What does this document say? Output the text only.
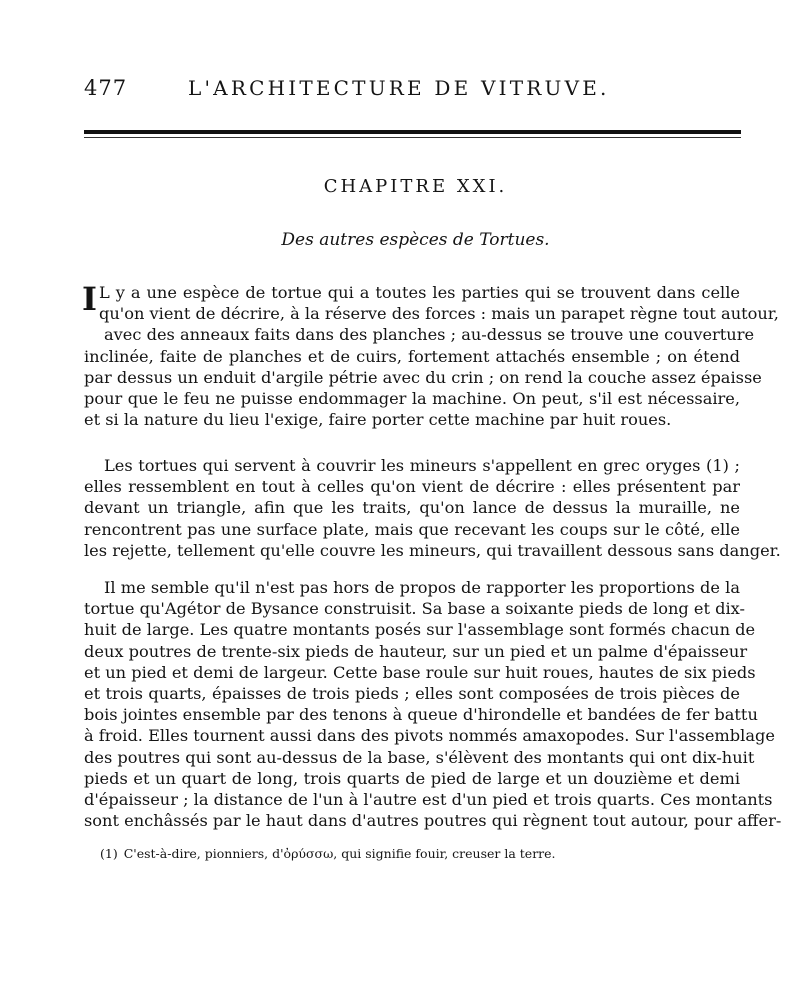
477	L'ARCHITECTURE DE VITRUVE.
CHAPITRE XXI.
Des autres espèces de Tortues.
I L y a une espèce de tortue qui a toutes les parties qui se trouvent dans celle
qu'on vient de décrire, à la réserve des forces : mais un parapet règne tout autour,
avec des anneaux faits dans des planches ; au-dessus se trouve une couverture
inclinée, faite de planches et de cuirs, fortement attachés ensemble ; on étend
par dessus un enduit d'argile pétrie avec du crin ; on rend la couche assez épaisse
pour que le feu ne puisse endommager la machine. On peut, s'il est nécessaire,
et si la nature du lieu l'exige, faire porter cette machine par huit roues.
Les tortues qui servent à couvrir les mineurs s'appellent en grec oryges (1) ;
elles ressemblent en tout à celles qu'on vient de décrire : elles présentent par
devant un triangle, afin que les traits, qu'on lance de dessus la muraille, ne
rencontrent pas une surface plate, mais que recevant les coups sur le côté, elle
les rejette, tellement qu'elle couvre les mineurs, qui travaillent dessous sans danger.
Il me semble qu'il n'est pas hors de propos de rapporter les proportions de la
tortue qu'Agétor de Bysance construisit. Sa base a soixante pieds de long et dix-
huit de large. Les quatre montants posés sur l'assemblage sont formés chacun de
deux poutres de trente-six pieds de hauteur, sur un pied et un palme d'épaisseur
et un pied et demi de largeur. Cette base roule sur huit roues, hautes de six pieds
et trois quarts, épaisses de trois pieds ; elles sont composées de trois pièces de
bois jointes ensemble par des tenons à queue d'hirondelle et bandées de fer battu
à froid. Elles tournent aussi dans des pivots nommés amaxopodes. Sur l'assemblage
des poutres qui sont au-dessus de la base, s'élèvent des montants qui ont dix-huit
pieds et un quart de long, trois quarts de pied de large et un douzième et demi
d'épaisseur ; la distance de l'un à l'autre est d'un pied et trois quarts. Ces montants
sont enchâssés par le haut dans d'autres poutres qui règnent tout autour, pour affer-
(1) C'est-à-dire, pionniers, d'ὀρύσσω, qui signifie fouir, creuser la terre.
